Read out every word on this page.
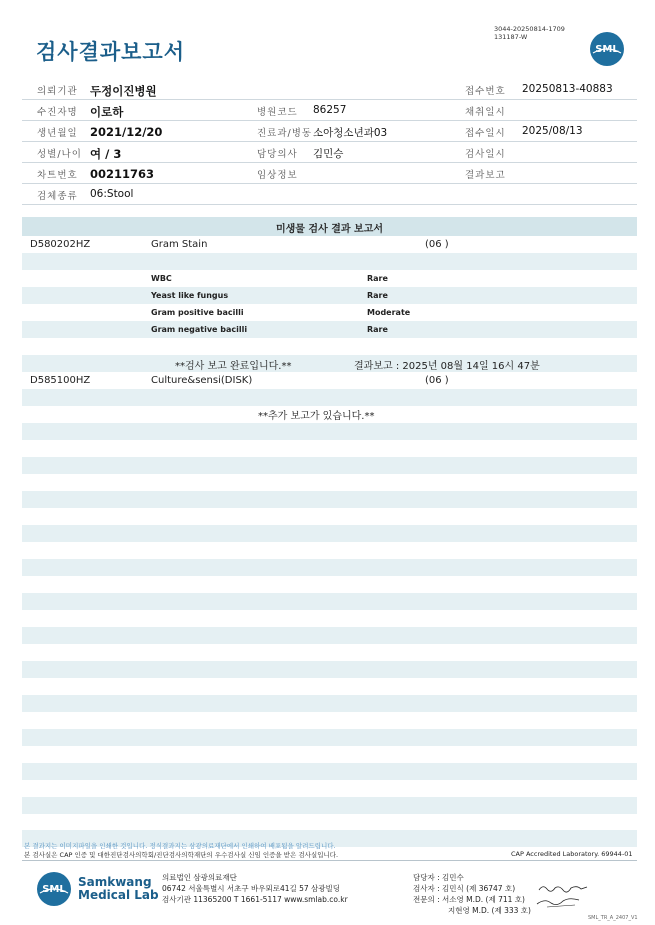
검사결과보고서
3044-20250814-1709
131187-W
SML
의뢰기관 두정이진병원	접수번호 20250813-40883
수진자명 이로하	병원코드 86257	채취일시
생년월일 2021/12/20	진료과/병동 소아청소년과03	접수일시 2025/08/13
성별/나이 여 / 3	담당의사 김민승	검사일시
차트번호 00211763	임상정보	결과보고
검체종류 06:Stool
미생물 검사 결과 보고서
D580202HZ	Gram Stain	(06 )
WBC	Rare
Yeast like fungus	Rare
Gram positive bacilli	Moderate
Gram negative bacilli	Rare
**검사 보고 완료입니다.**	결과보고 : 2025년 08월 14일 16시 47분
D585100HZ	Culture&sensi(DISK)	(06 )
**추가 보고가 있습니다.**
본 결과지는 이미지파일을 인쇄한 것입니다. 정식결과지는 삼광의료재단에서 인쇄하여 배포됨을 알려드립니다.
본 검사실은 CAP 인증 및 대한진단검사의학회/진단검사의학재단의 우수검사실 신임 인증을 받은 검사실입니다.	CAP Accredited Laboratory. 69944-01
SML
Samkwang
Medical Lab
의료법인 삼광의료재단
06742 서울특별시 서초구 바우뫼로41길 57 삼광빌딩
검사기관 11365200 T 1661-5117 www.smlab.co.kr
담당자 : 김민수
검사자 : 김민식 (제 36747 호)
전문의 : 서소영 M.D. (제 711 호)
지현영 M.D. (제 333 호)
SML_TR_A_2407_V1
